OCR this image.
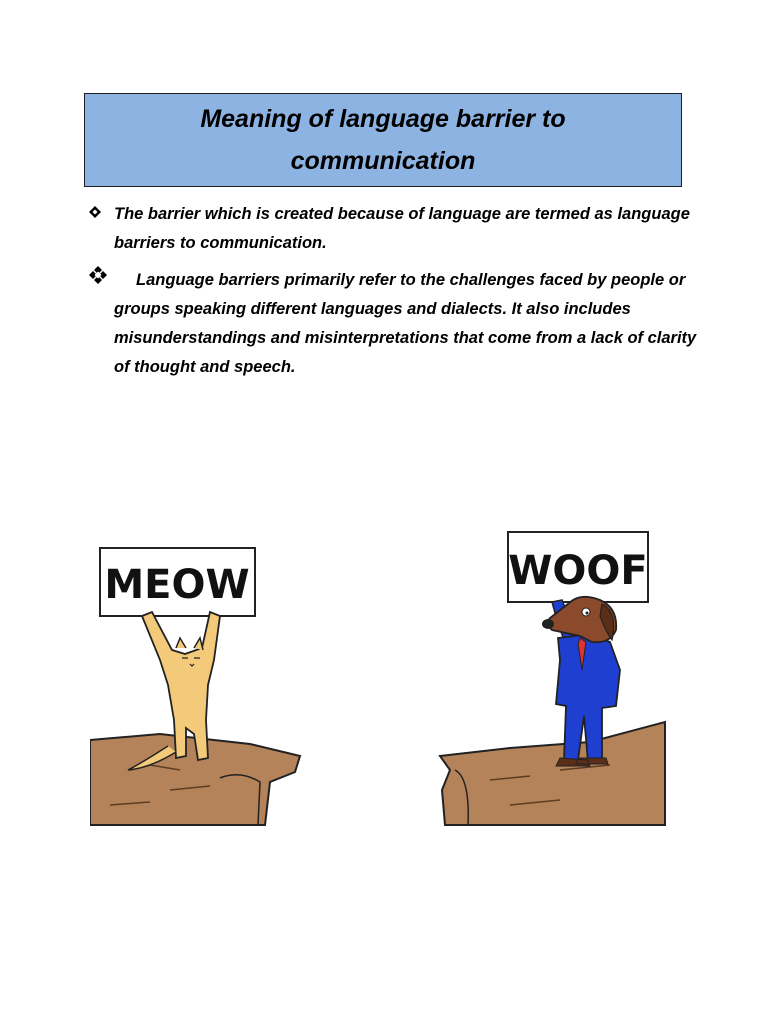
Meaning of language barrier to
communication
The barrier which is created because of language are termed as language barriers to communication.
Language barriers primarily refer to the challenges faced by people or groups speaking different languages and dialects. It also includes misunderstandings and misinterpretations that come from a lack of clarity of thought and speech.
MEOW	WOOF
